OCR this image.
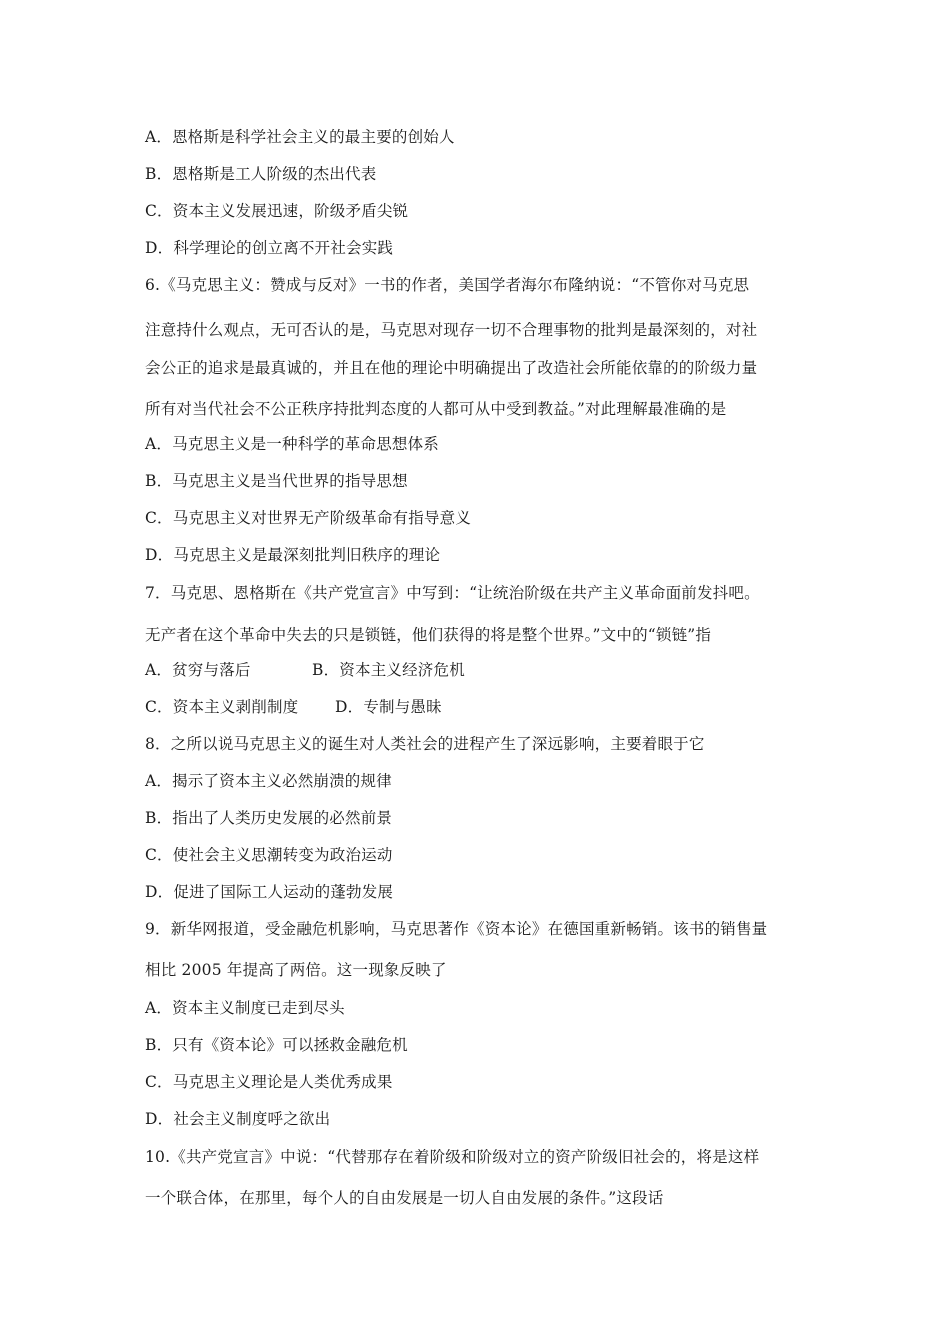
A．恩格斯是科学社会主义的最主要的创始人
B．恩格斯是工人阶级的杰出代表
C．资本主义发展迅速，阶级矛盾尖锐
D．科学理论的创立离不开社会实践
6.《马克思主义：赞成与反对》一书的作者，美国学者海尔布隆纳说：“不管你对马克思
注意持什么观点，无可否认的是，马克思对现存一切不合理事物的批判是最深刻的，对社
会公正的追求是最真诚的，并且在他的理论中明确提出了改造社会所能依靠的的阶级力量
所有对当代社会不公正秩序持批判态度的人都可从中受到教益。”对此理解最准确的是
A．马克思主义是一种科学的革命思想体系
B．马克思主义是当代世界的指导思想
C．马克思主义对世界无产阶级革命有指导意义
D．马克思主义是最深刻批判旧秩序的理论
7．马克思、恩格斯在《共产党宣言》中写到：“让统治阶级在共产主义革命面前发抖吧。
无产者在这个革命中失去的只是锁链，他们获得的将是整个世界。”文中的“锁链”指
A．贫穷与落后	B．资本主义经济危机
C．资本主义剥削制度 D．专制与愚昧
8．之所以说马克思主义的诞生对人类社会的进程产生了深远影响，主要着眼于它
A．揭示了资本主义必然崩溃的规律
B．指出了人类历史发展的必然前景
C．使社会主义思潮转变为政治运动
D．促进了国际工人运动的蓬勃发展
9．新华网报道，受金融危机影响，马克思著作《资本论》在德国重新畅销。该书的销售量
相比 2005 年提高了两倍。这一现象反映了
A．资本主义制度已走到尽头
B．只有《资本论》可以拯救金融危机
C．马克思主义理论是人类优秀成果
D．社会主义制度呼之欲出
10.《共产党宣言》中说：“代替那存在着阶级和阶级对立的资产阶级旧社会的，将是这样
一个联合体，在那里，每个人的自由发展是一切人自由发展的条件。”这段话
